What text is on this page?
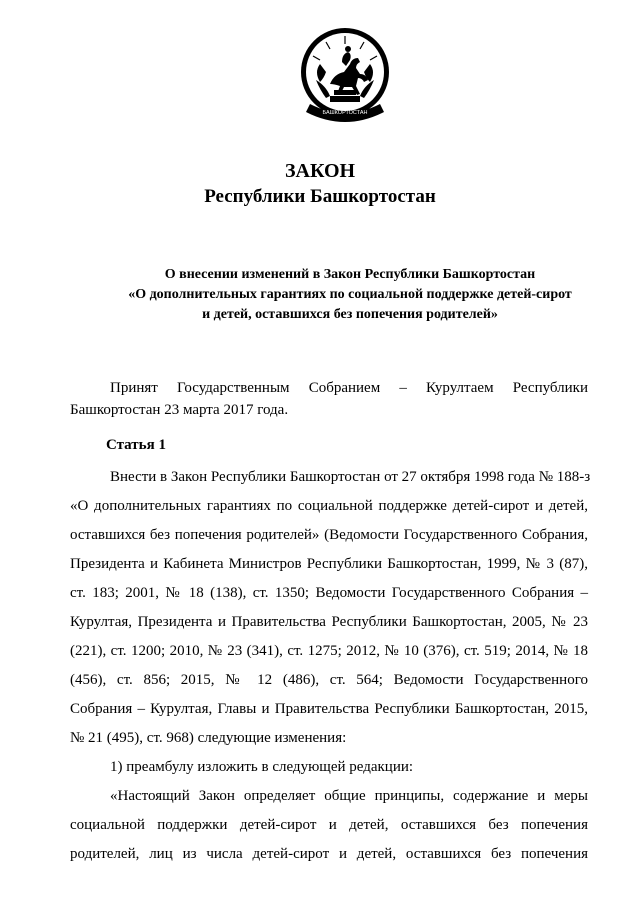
БАШКОРТОСТАН
ЗАКОН
Республики Башкортостан
О внесении изменений в Закон Республики Башкортостан
«О дополнительных гарантиях по социальной поддержке детей-сирот
и детей, оставшихся без попечения родителей»
Принят Государственным Собранием – Курултаем Республики
Башкортостан 23 марта 2017 года.
Статья 1
Внести в Закон Республики Башкортостан от 27 октября 1998 года № 188-з
«О дополнительных гарантиях по социальной поддержке детей-сирот и детей,
оставшихся без попечения родителей» (Ведомости Государственного Собрания,
Президента и Кабинета Министров Республики Башкортостан, 1999, № 3 (87),
ст. 183; 2001, № 18 (138), ст. 1350; Ведомости Государственного Собрания –
Курултая, Президента и Правительства Республики Башкортостан, 2005, № 23
(221), ст. 1200; 2010, № 23 (341), ст. 1275; 2012, № 10 (376), ст. 519; 2014, № 18
(456), ст. 856; 2015, № 12 (486), ст. 564; Ведомости Государственного
Собрания – Курултая, Главы и Правительства Республики Башкортостан, 2015,
№ 21 (495), ст. 968) следующие изменения:
1) преамбулу изложить в следующей редакции:
«Настоящий Закон определяет общие принципы, содержание и меры
социальной поддержки детей-сирот и детей, оставшихся без попечения
родителей, лиц из числа детей-сирот и детей, оставшихся без попечения
